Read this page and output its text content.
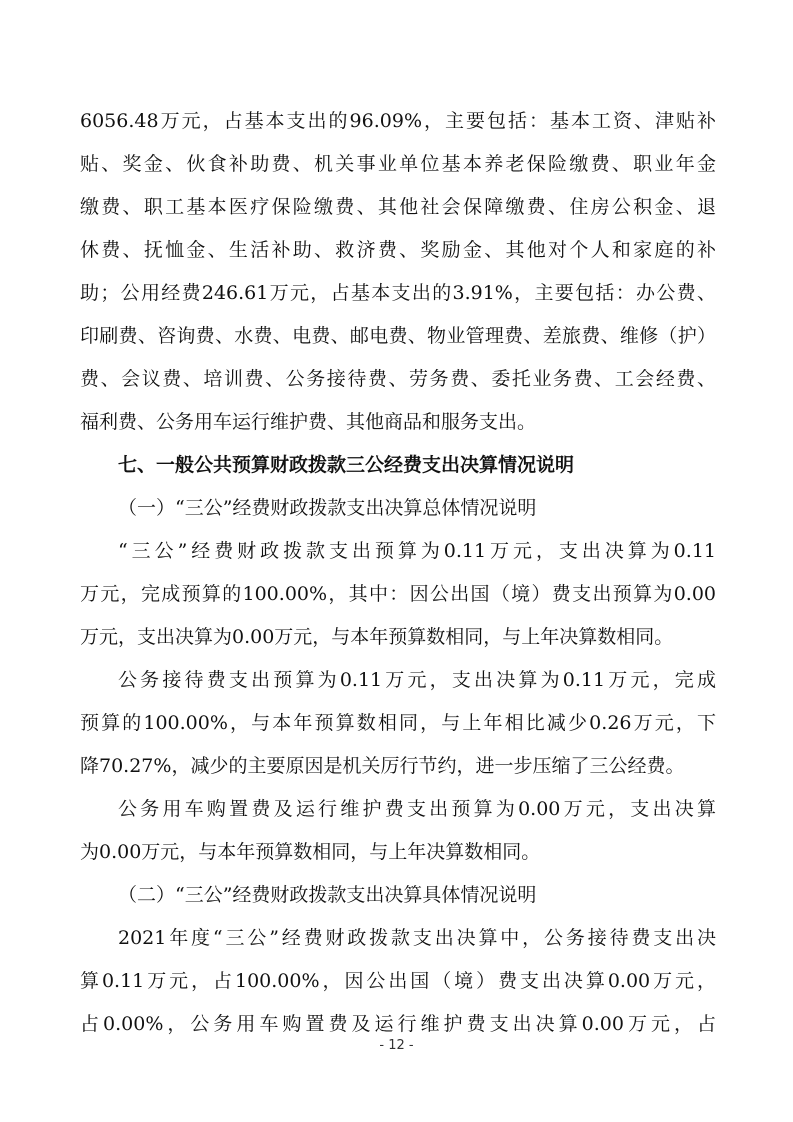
6056.48万元，占基本支出的96.09%，主要包括：基本工资、津贴补
贴、奖金、伙食补助费、机关事业单位基本养老保险缴费、职业年金
缴费、职工基本医疗保险缴费、其他社会保障缴费、住房公积金、退
休费、抚恤金、生活补助、救济费、奖励金、其他对个人和家庭的补
助；公用经费246.61万元，占基本支出的3.91%，主要包括：办公费、
印刷费、咨询费、水费、电费、邮电费、物业管理费、差旅费、维修（护）
费、会议费、培训费、公务接待费、劳务费、委托业务费、工会经费、
福利费、公务用车运行维护费、其他商品和服务支出。
七、一般公共预算财政拨款三公经费支出决算情况说明
（一）“三公”经费财政拨款支出决算总体情况说明
“三公”经费财政拨款支出预算为0.11万元，支出决算为0.11
万元，完成预算的100.00%，其中：因公出国（境）费支出预算为0.00
万元，支出决算为0.00万元，与本年预算数相同，与上年决算数相同。
公务接待费支出预算为0.11万元，支出决算为0.11万元，完成
预算的100.00%，与本年预算数相同，与上年相比减少0.26万元，下
降70.27%，减少的主要原因是机关厉行节约，进一步压缩了三公经费。
公务用车购置费及运行维护费支出预算为0.00万元，支出决算
为0.00万元，与本年预算数相同，与上年决算数相同。
（二）“三公”经费财政拨款支出决算具体情况说明
2021年度“三公”经费财政拨款支出决算中，公务接待费支出决
算0.11万元，占100.00%，因公出国（境）费支出决算0.00万元，
占0.00%，公务用车购置费及运行维护费支出决算0.00万元，占
- 12 -
